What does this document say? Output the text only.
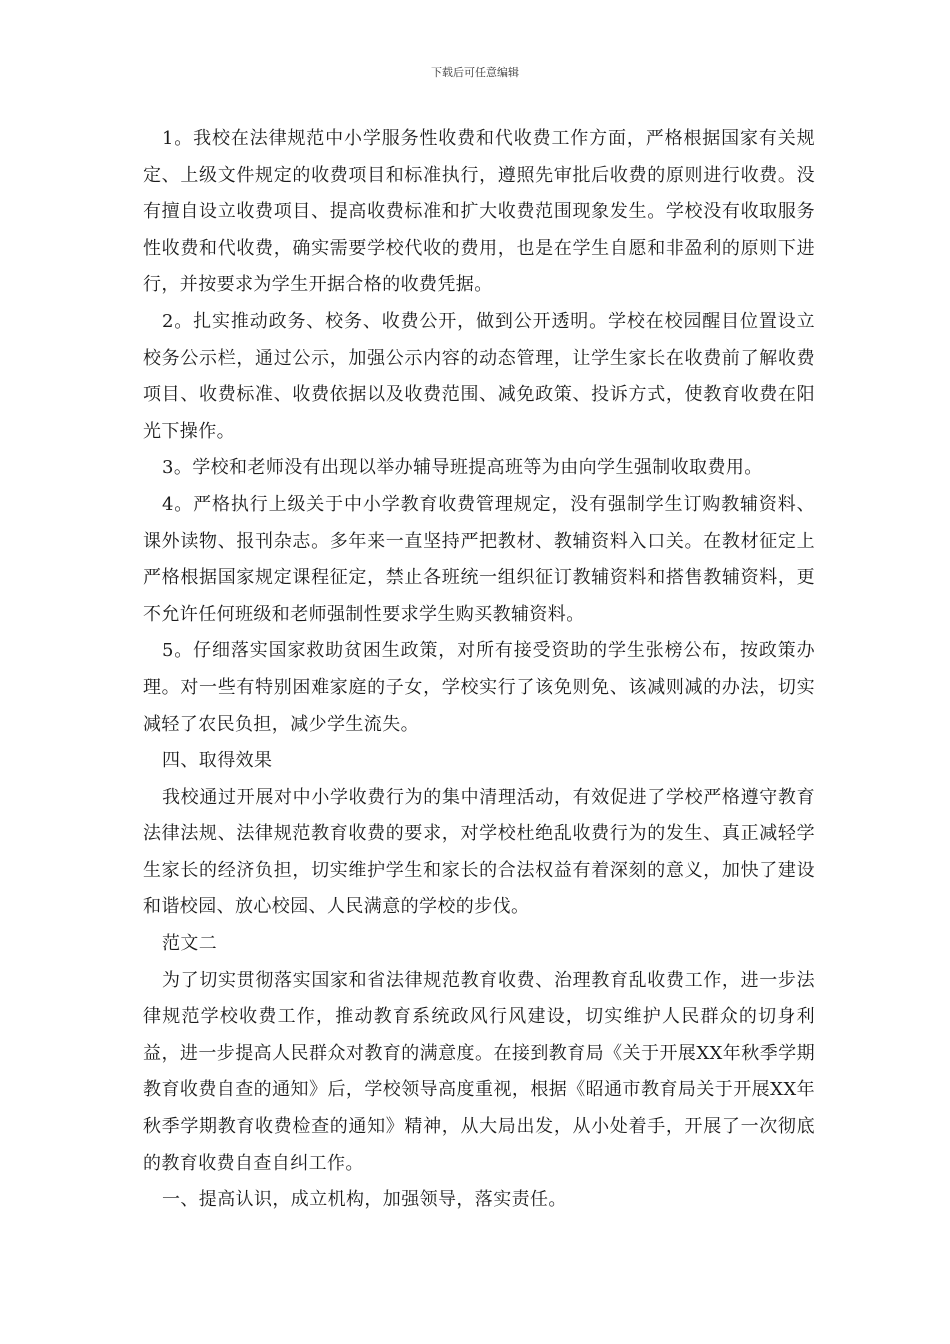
下载后可任意编辑

1。我校在法律规范中小学服务性收费和代收费工作方面，严格根据国家有关规定、上级文件规定的收费项目和标准执行，遵照先审批后收费的原则进行收费。没有擅自设立收费项目、提高收费标准和扩大收费范围现象发生。学校没有收取服务性收费和代收费，确实需要学校代收的费用，也是在学生自愿和非盈利的原则下进行，并按要求为学生开据合格的收费凭据。

2。扎实推动政务、校务、收费公开，做到公开透明。学校在校园醒目位置设立校务公示栏，通过公示，加强公示内容的动态管理，让学生家长在收费前了解收费项目、收费标准、收费依据以及收费范围、减免政策、投诉方式，使教育收费在阳光下操作。

3。学校和老师没有出现以举办辅导班提高班等为由向学生强制收取费用。

4。严格执行上级关于中小学教育收费管理规定，没有强制学生订购教辅资料、课外读物、报刊杂志。多年来一直坚持严把教材、教辅资料入口关。在教材征定上严格根据国家规定课程征定，禁止各班统一组织征订教辅资料和搭售教辅资料，更不允许任何班级和老师强制性要求学生购买教辅资料。

5。仔细落实国家救助贫困生政策，对所有接受资助的学生张榜公布，按政策办理。对一些有特别困难家庭的子女，学校实行了该免则免、该减则减的办法，切实减轻了农民负担，减少学生流失。

四、取得效果

我校通过开展对中小学收费行为的集中清理活动，有效促进了学校严格遵守教育法律法规、法律规范教育收费的要求，对学校杜绝乱收费行为的发生、真正减轻学生家长的经济负担，切实维护学生和家长的合法权益有着深刻的意义，加快了建设和谐校园、放心校园、人民满意的学校的步伐。

范文二

为了切实贯彻落实国家和省法律规范教育收费、治理教育乱收费工作，进一步法律规范学校收费工作，推动教育系统政风行风建设，切实维护人民群众的切身利益，进一步提高人民群众对教育的满意度。在接到教育局《关于开展XX年秋季学期教育收费自查的通知》后，学校领导高度重视，根据《昭通市教育局关于开展XX年秋季学期教育收费检查的通知》精神，从大局出发，从小处着手，开展了一次彻底的教育收费自查自纠工作。

一、提高认识，成立机构，加强领导，落实责任。
